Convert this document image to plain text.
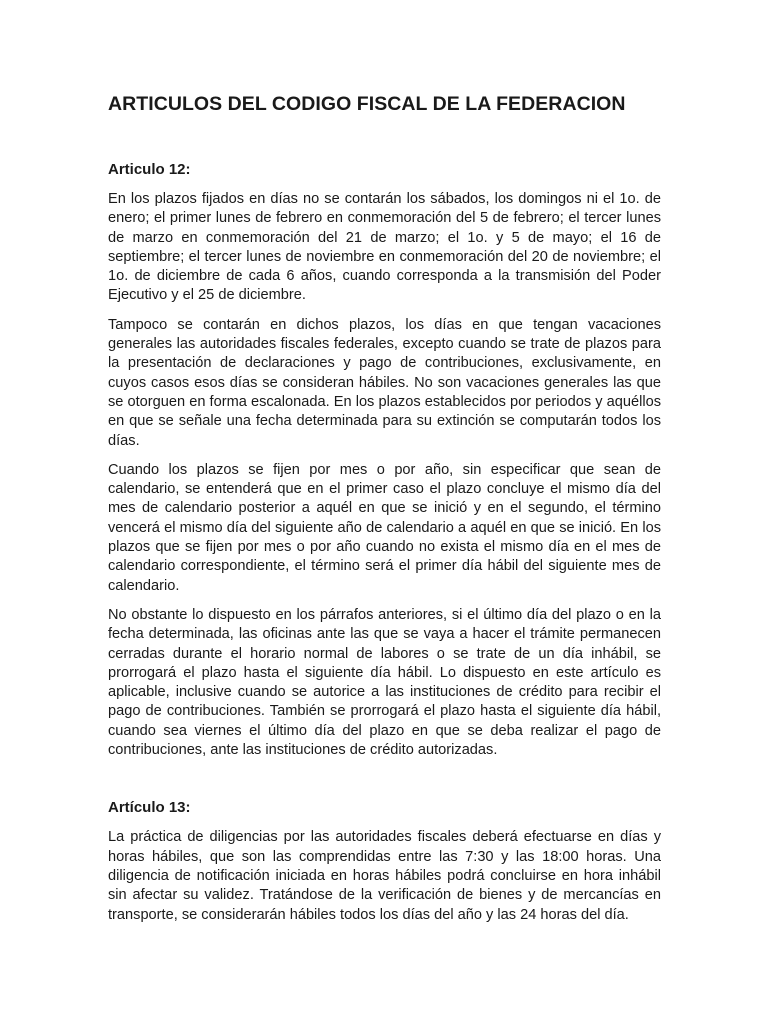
ARTICULOS DEL CODIGO FISCAL DE LA FEDERACION
Articulo 12:

En los plazos fijados en días no se contarán los sábados, los domingos ni el 1o. de enero; el primer lunes de febrero en conmemoración del 5 de febrero; el tercer lunes de marzo en conmemoración del 21 de marzo; el 1o. y 5 de mayo; el 16 de septiembre; el tercer lunes de noviembre en conmemoración del 20 de noviembre; el 1o. de diciembre de cada 6 años, cuando corresponda a la transmisión del Poder Ejecutivo y el 25 de diciembre.

Tampoco se contarán en dichos plazos, los días en que tengan vacaciones generales las autoridades fiscales federales, excepto cuando se trate de plazos para la presentación de declaraciones y pago de contribuciones, exclusivamente, en cuyos casos esos días se consideran hábiles. No son vacaciones generales las que se otorguen en forma escalonada. En los plazos establecidos por periodos y aquéllos en que se señale una fecha determinada para su extinción se computarán todos los días.

Cuando los plazos se fijen por mes o por año, sin especificar que sean de calendario, se entenderá que en el primer caso el plazo concluye el mismo día del mes de calendario posterior a aquél en que se inició y en el segundo, el término vencerá el mismo día del siguiente año de calendario a aquél en que se inició. En los plazos que se fijen por mes o por año cuando no exista el mismo día en el mes de calendario correspondiente, el término será el primer día hábil del siguiente mes de calendario.

No obstante lo dispuesto en los párrafos anteriores, si el último día del plazo o en la fecha determinada, las oficinas ante las que se vaya a hacer el trámite permanecen cerradas durante el horario normal de labores o se trate de un día inhábil, se prorrogará el plazo hasta el siguiente día hábil. Lo dispuesto en este artículo es aplicable, inclusive cuando se autorice a las instituciones de crédito para recibir el pago de contribuciones. También se prorrogará el plazo hasta el siguiente día hábil, cuando sea viernes el último día del plazo en que se deba realizar el pago de contribuciones, ante las instituciones de crédito autorizadas.

Artículo 13:

La práctica de diligencias por las autoridades fiscales deberá efectuarse en días y horas hábiles, que son las comprendidas entre las 7:30 y las 18:00 horas. Una diligencia de notificación iniciada en horas hábiles podrá concluirse en hora inhábil sin afectar su validez. Tratándose de la verificación de bienes y de mercancías en transporte, se considerarán hábiles todos los días del año y las 24 horas del día.
